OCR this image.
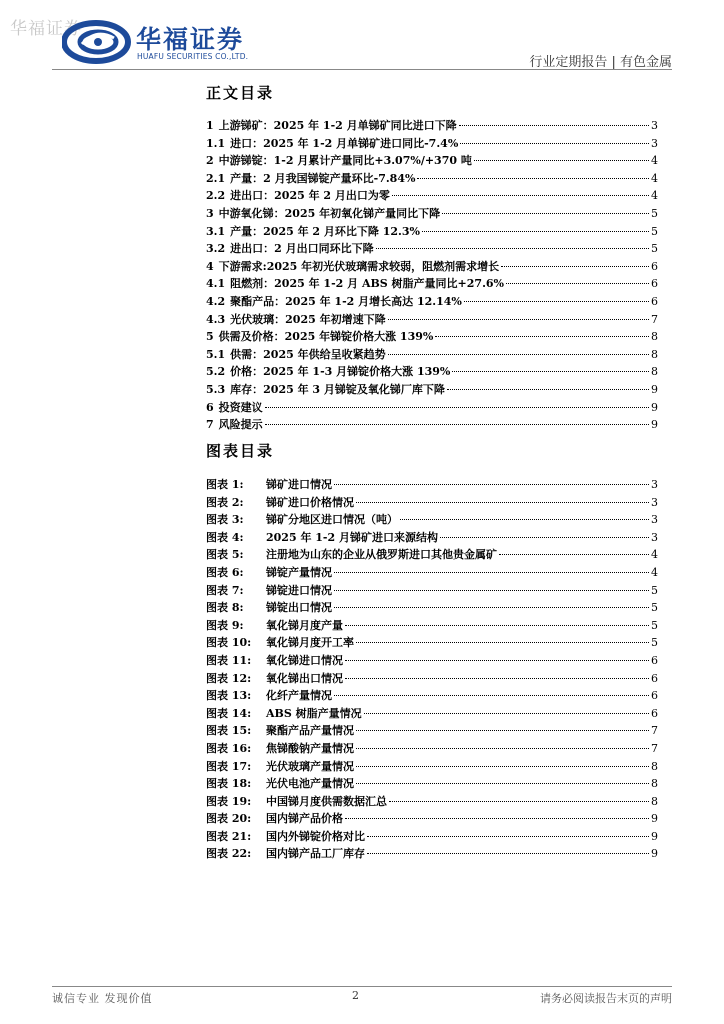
华福证券 华福证券
HUAFU SECURITIES CO.,LTD.	行业定期报告 | 有色金属
正文目录
1 上游锑矿：2025 年 1-2 月单锑矿同比进口下降	3
1.1 进口：2025 年 1-2 月单锑矿进口同比-7.4%	3
2 中游锑锭：1-2 月累计产量同比+3.07%/+370 吨	4
2.1 产量：2 月我国锑锭产量环比-7.84%	4
2.2 进出口：2025 年 2 月出口为零	4
3 中游氧化锑：2025 年初氧化锑产量同比下降	5
3.1 产量：2025 年 2 月环比下降 12.3%	5
3.2 进出口：2 月出口同环比下降	5
4 下游需求:2025 年初光伏玻璃需求较弱，阻燃剂需求增长	6
4.1 阻燃剂：2025 年 1-2 月 ABS 树脂产量同比+27.6%	6
4.2 聚酯产品：2025 年 1-2 月增长高达 12.14%	6
4.3 光伏玻璃：2025 年初增速下降	7
5 供需及价格：2025 年锑锭价格大涨 139%	8
5.1 供需：2025 年供给呈收紧趋势	8
5.2 价格：2025 年 1-3 月锑锭价格大涨 139%	8
5.3 库存：2025 年 3 月锑锭及氧化锑厂库下降	9
6 投资建议	9
7 风险提示	9
图表目录
图表 1:	锑矿进口情况	3
图表 2:	锑矿进口价格情况	3
图表 3:	锑矿分地区进口情况（吨）	3
图表 4:	2025 年 1-2 月锑矿进口来源结构	3
图表 5:	注册地为山东的企业从俄罗斯进口其他贵金属矿	4
图表 6:	锑锭产量情况	4
图表 7:	锑锭进口情况	5
图表 8:	锑锭出口情况	5
图表 9:	氧化锑月度产量	5
图表 10:	氧化锑月度开工率	5
图表 11:	氧化锑进口情况	6
图表 12:	氧化锑出口情况	6
图表 13:	化纤产量情况	6
图表 14:	ABS 树脂产量情况	6
图表 15:	聚酯产品产量情况	7
图表 16:	焦锑酸钠产量情况	7
图表 17:	光伏玻璃产量情况	8
图表 18:	光伏电池产量情况	8
图表 19:	中国锑月度供需数据汇总	8
图表 20:	国内锑产品价格	9
图表 21:	国内外锑锭价格对比	9
图表 22:	国内锑产品工厂库存	9
诚信专业 发现价值	2	请务必阅读报告末页的声明
